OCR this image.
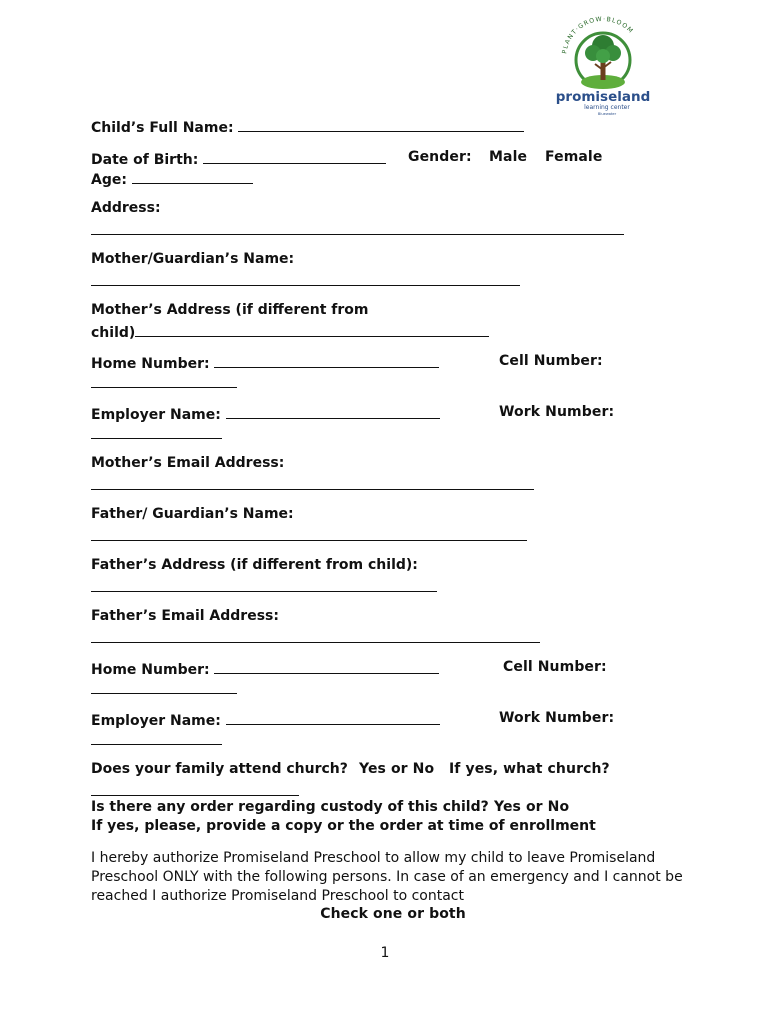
PLANT·GROW·BLOOM
promiseland
learning center
Bluewater
Child’s Full Name:
Date of Birth:	Gender: Male Female
Age:
Address:
Mother/Guardian’s Name:
Mother’s Address (if different from
child)
Home Number:	Cell Number:
Employer Name:	Work Number:
Mother’s Email Address:
Father/ Guardian’s Name:
Father’s Address (if different from child):
Father’s Email Address:
Home Number:	Cell Number:
Employer Name:	Work Number:
Does your family attend church? Yes or No If yes, what church?
Is there any order regarding custody of this child? Yes or No
If yes, please, provide a copy or the order at time of enrollment
I hereby authorize Promiseland Preschool to allow my child to leave Promiseland Preschool ONLY with the following persons. In case of an emergency and I cannot be reached I authorize Promiseland Preschool to contact
Check one or both
1
